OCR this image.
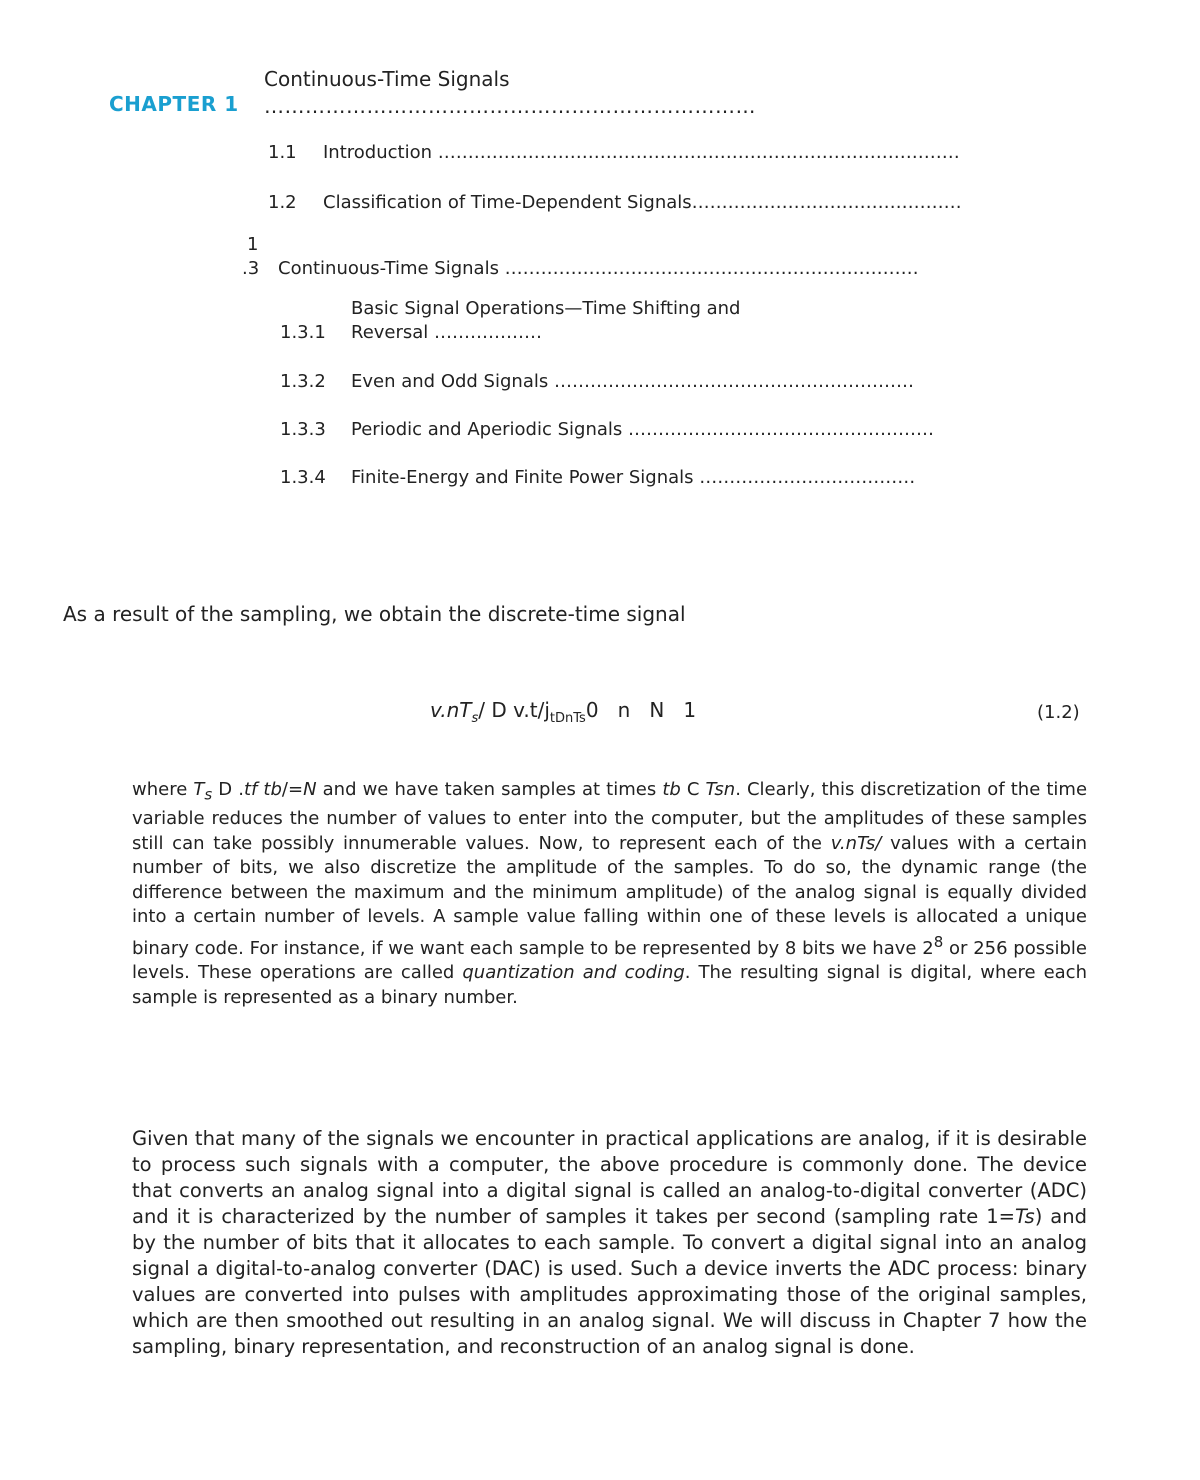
CHAPTER 1
Continuous-Time Signals
………………………………………………………………
1.1 Introduction ……………………………………………………………………………
1.2 Classification of Time-Dependent Signals………………………………………
1
.3 Continuous-Time Signals ……………………………………………………………
Basic Signal Operations—Time Shifting and
1.3.1 Reversal ………………
1.3.2 Even and Odd Signals ……………………………………………………
1.3.3 Periodic and Aperiodic Signals ……………………………………………
1.3.4 Finite-Energy and Finite Power Signals ………………………………
As a result of the sampling, we obtain the discrete-time signal
$v.nT_s/$ D $v.t/j_{tDnTs}0$   n   N   1	(1.2)
where $T_s$ D .tf tb/=N and we have taken samples at times tb C Tsn. Clearly, this discretization of the time variable reduces the number of values to enter into the computer, but the amplitudes of these samples still can take possibly innumerable values. Now, to represent each of the v.nTs/ values with a certain number of bits, we also discretize the amplitude of the samples. To do so, the dynamic range (the difference between the maximum and the minimum amplitude) of the analog signal is equally divided into a certain number of levels. A sample value falling within one of these levels is allocated a unique binary code. For instance, if we want each sample to be represented by 8 bits we have $2^8$ or 256 possible levels. These operations are called quantization and coding. The resulting signal is digital, where each sample is represented as a binary number.
Given that many of the signals we encounter in practical applications are analog, if it is desirable to process such signals with a computer, the above procedure is commonly done. The device that converts an analog signal into a digital signal is called an analog-to-digital converter (ADC) and it is characterized by the number of samples it takes per second (sampling rate 1=Ts) and by the number of bits that it allocates to each sample. To convert a digital signal into an analog signal a digital-to-analog converter (DAC) is used. Such a device inverts the ADC process: binary values are converted into pulses with amplitudes approximating those of the original samples, which are then smoothed out resulting in an analog signal. We will discuss in Chapter 7 how the sampling, binary representation, and reconstruction of an analog signal is done.
